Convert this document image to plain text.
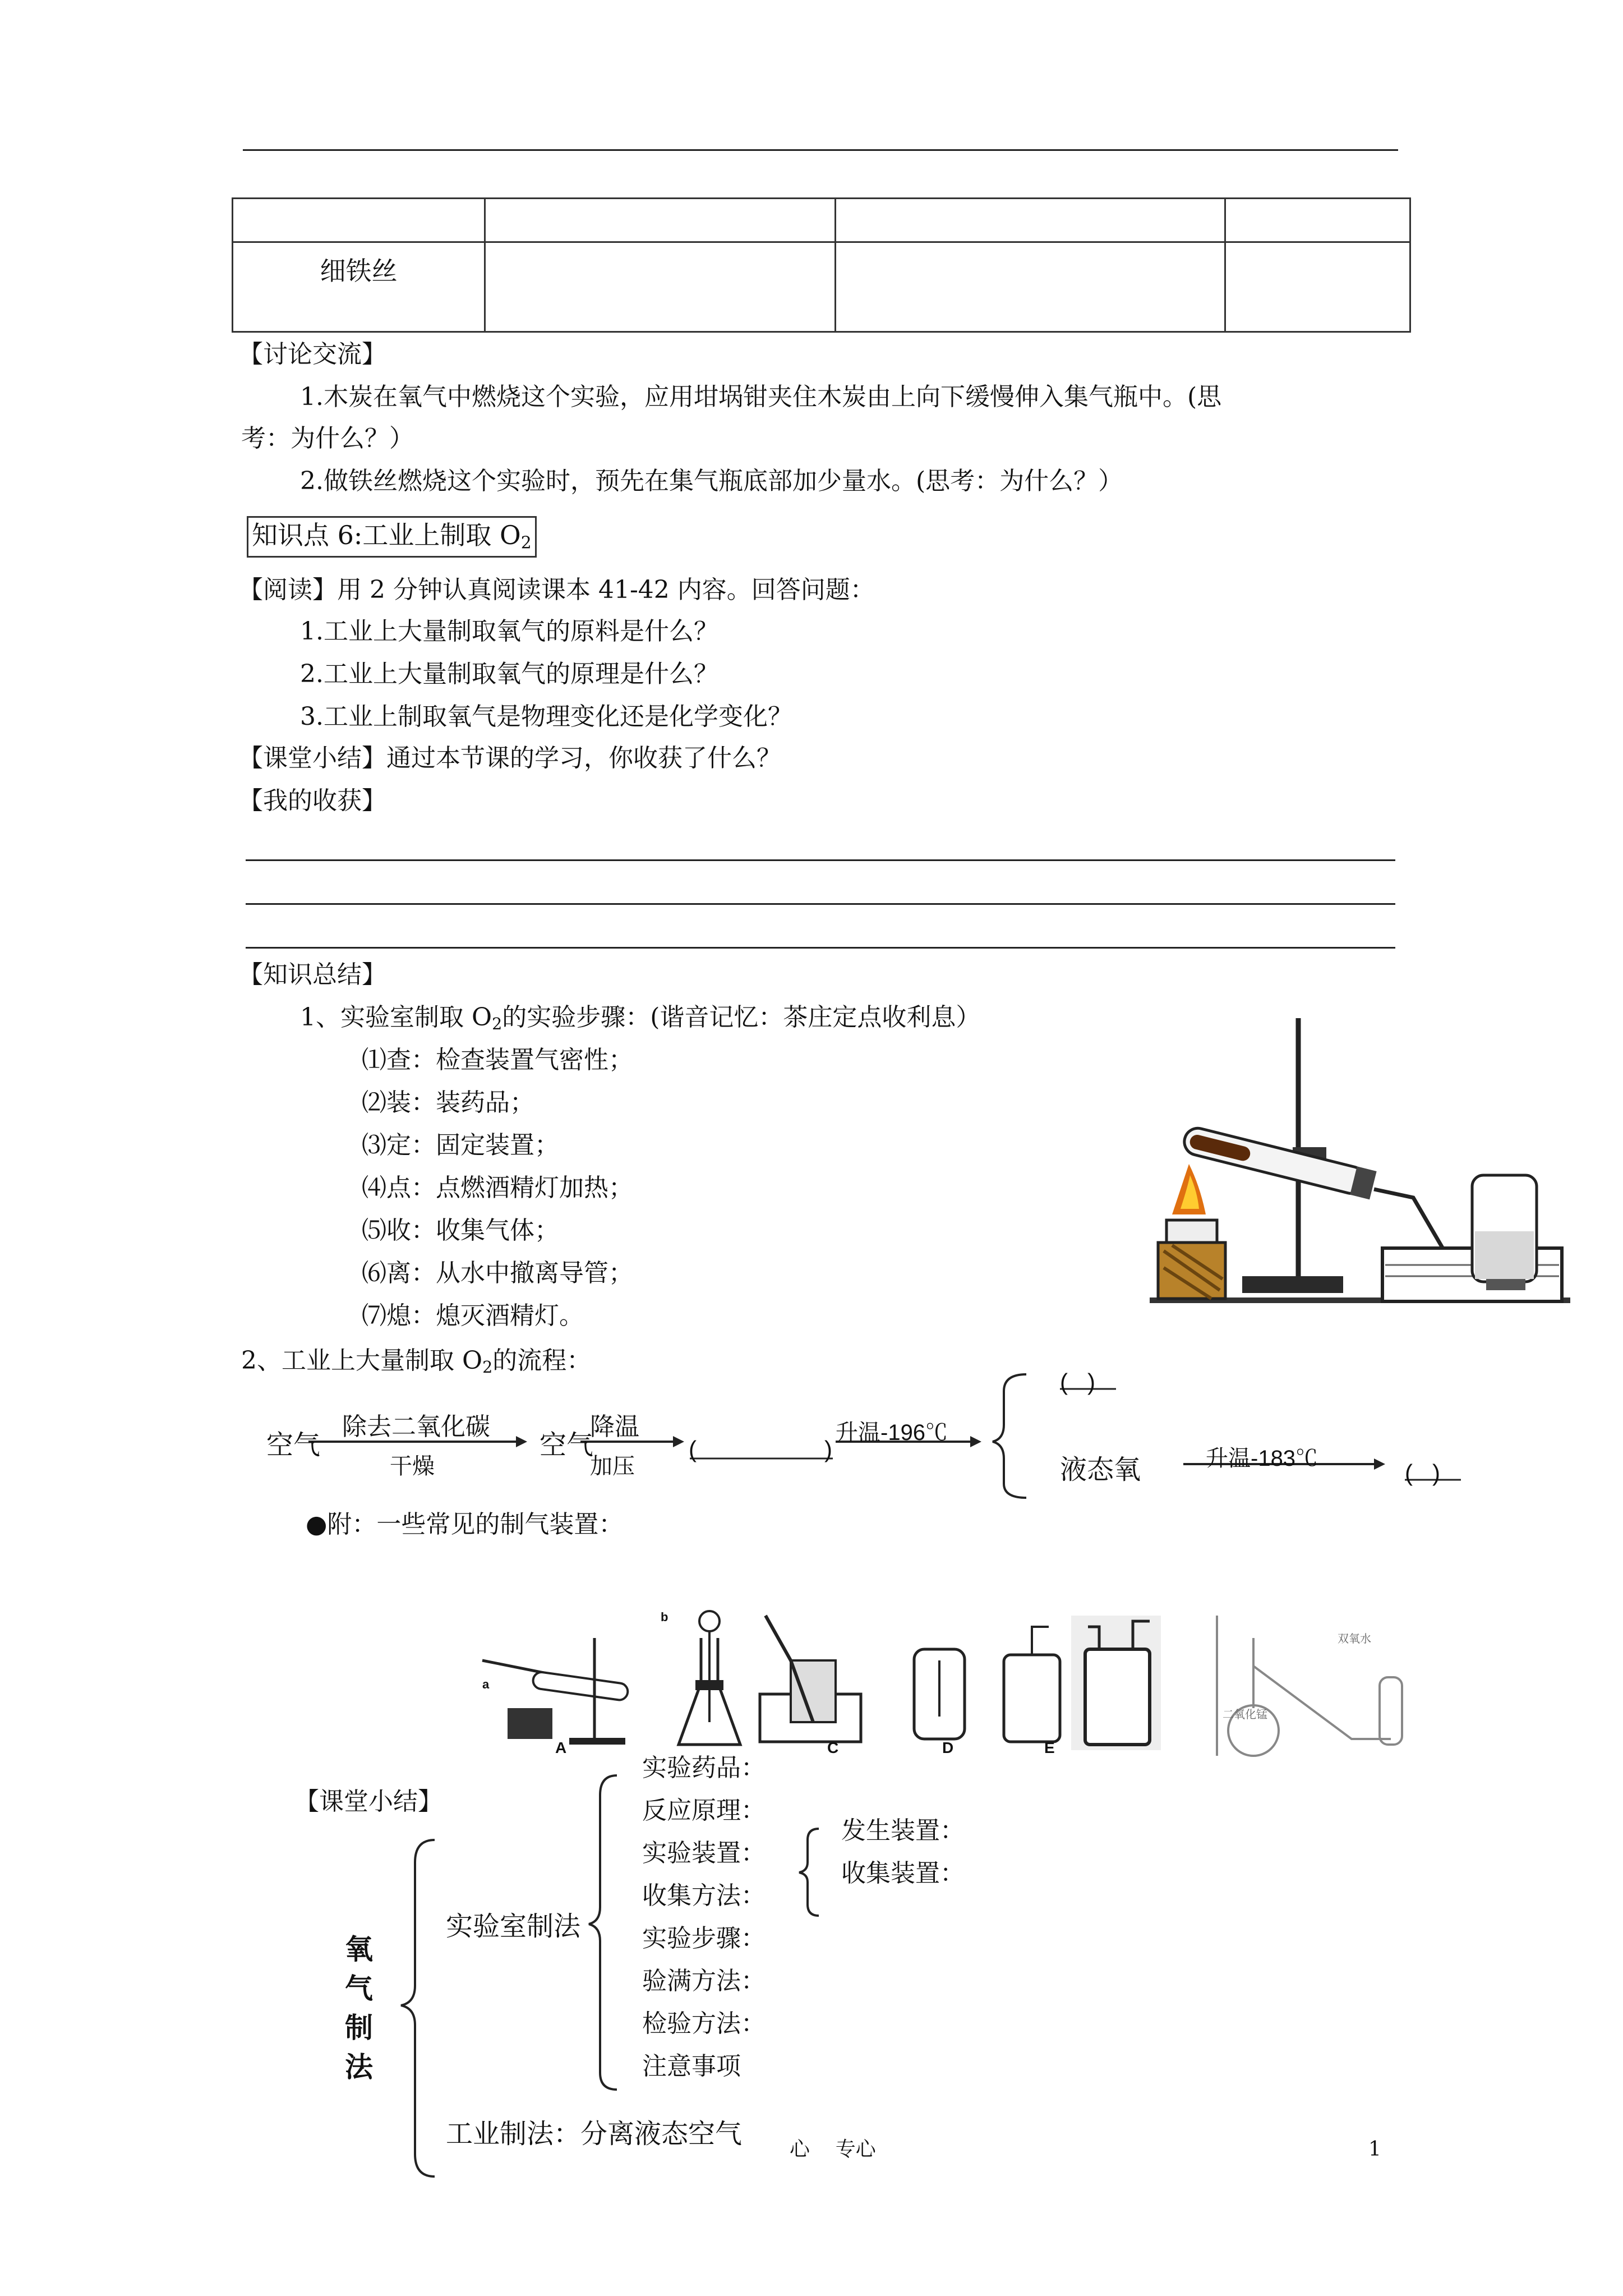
细铁丝			
【讨论交流】
1.木炭在氧气中燃烧这个实验，应用坩埚钳夹住木炭由上向下缓慢伸入集气瓶中。(思
考：为什么？）
2.做铁丝燃烧这个实验时，预先在集气瓶底部加少量水。(思考：为什么？）
知识点 6:工业上制取 $O_2$
【阅读】用 2 分钟认真阅读课本 41-42 内容。回答问题：
1.工业上大量制取氧气的原料是什么？
2.工业上大量制取氧气的原理是什么？
3.工业上制取氧气是物理变化还是化学变化？
【课堂小结】通过本节课的学习，你收获了什么？
【我的收获】
【知识总结】
1、实验室制取 $O_2$的实验步骤：(谐音记忆：茶庄定点收利息）
⑴查：检查装置气密性；
⑵装：装药品；
⑶定：固定装置；
⑷点：点燃酒精灯加热；
⑸收：收集气体；
⑹离：从水中撤离导管；
⑺熄：熄灭酒精灯。
2、工业上大量制取 $O_2$的流程：
空气
除去二氧化碳
干燥
空气
降温
加压
(	)
升温-196℃
(   )
液态氧	升温-183℃
(   )
●附：一些常见的制气装置：
a
b
A	C	D	E
双氧水
二氧化锰
【课堂小结】
氧
气
制
法
实验室制法
实验药品：
反应原理：
实验装置：
收集方法：
实验步骤：
验满方法：
检验方法：
注意事项
发生装置：
收集装置：
工业制法：分离液态空气 心    专心	1
